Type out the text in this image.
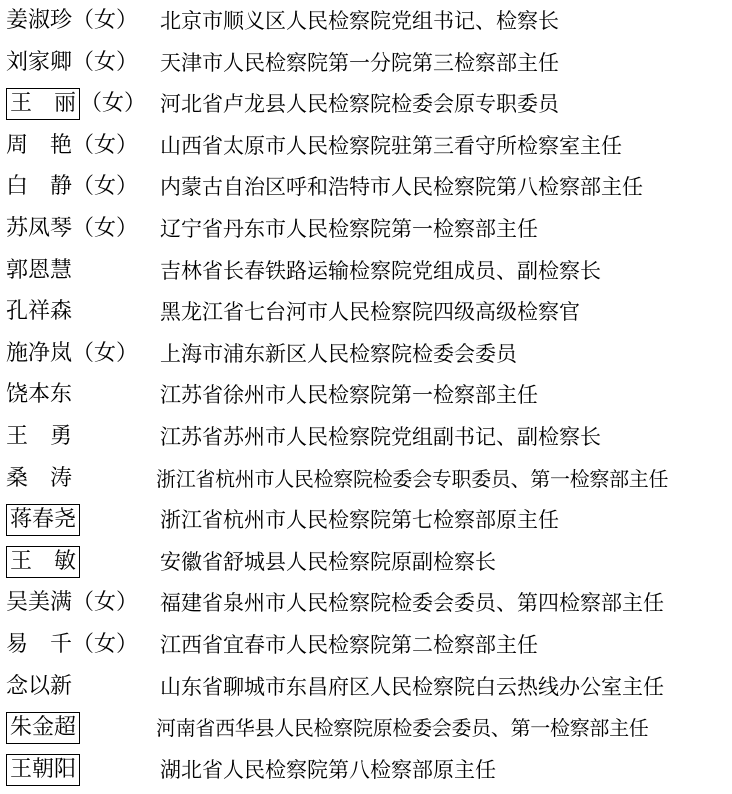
姜淑珍（女） 北京市顺义区人民检察院党组书记、检察长
刘家卿（女） 天津市人民检察院第一分院第三检察部主任
王　丽 （女） 河北省卢龙县人民检察院检委会原专职委员
周　艳（女） 山西省太原市人民检察院驻第三看守所检察室主任
白　静（女） 内蒙古自治区呼和浩特市人民检察院第八检察部主任
苏凤琴（女） 辽宁省丹东市人民检察院第一检察部主任
郭恩慧	吉林省长春铁路运输检察院党组成员、副检察长
孔祥森	黑龙江省七台河市人民检察院四级高级检察官
施净岚（女） 上海市浦东新区人民检察院检委会委员
饶本东	江苏省徐州市人民检察院第一检察部主任
王　勇	江苏省苏州市人民检察院党组副书记、副检察长
桑　涛	浙江省杭州市人民检察院检委会专职委员、第一检察部主任
蒋春尧	浙江省杭州市人民检察院第七检察部原主任
王　敏	安徽省舒城县人民检察院原副检察长
吴美满（女） 福建省泉州市人民检察院检委会委员、第四检察部主任
易　千（女） 江西省宜春市人民检察院第二检察部主任
念以新	山东省聊城市东昌府区人民检察院白云热线办公室主任
朱金超	河南省西华县人民检察院原检委会委员、第一检察部主任
王朝阳	湖北省人民检察院第八检察部原主任
